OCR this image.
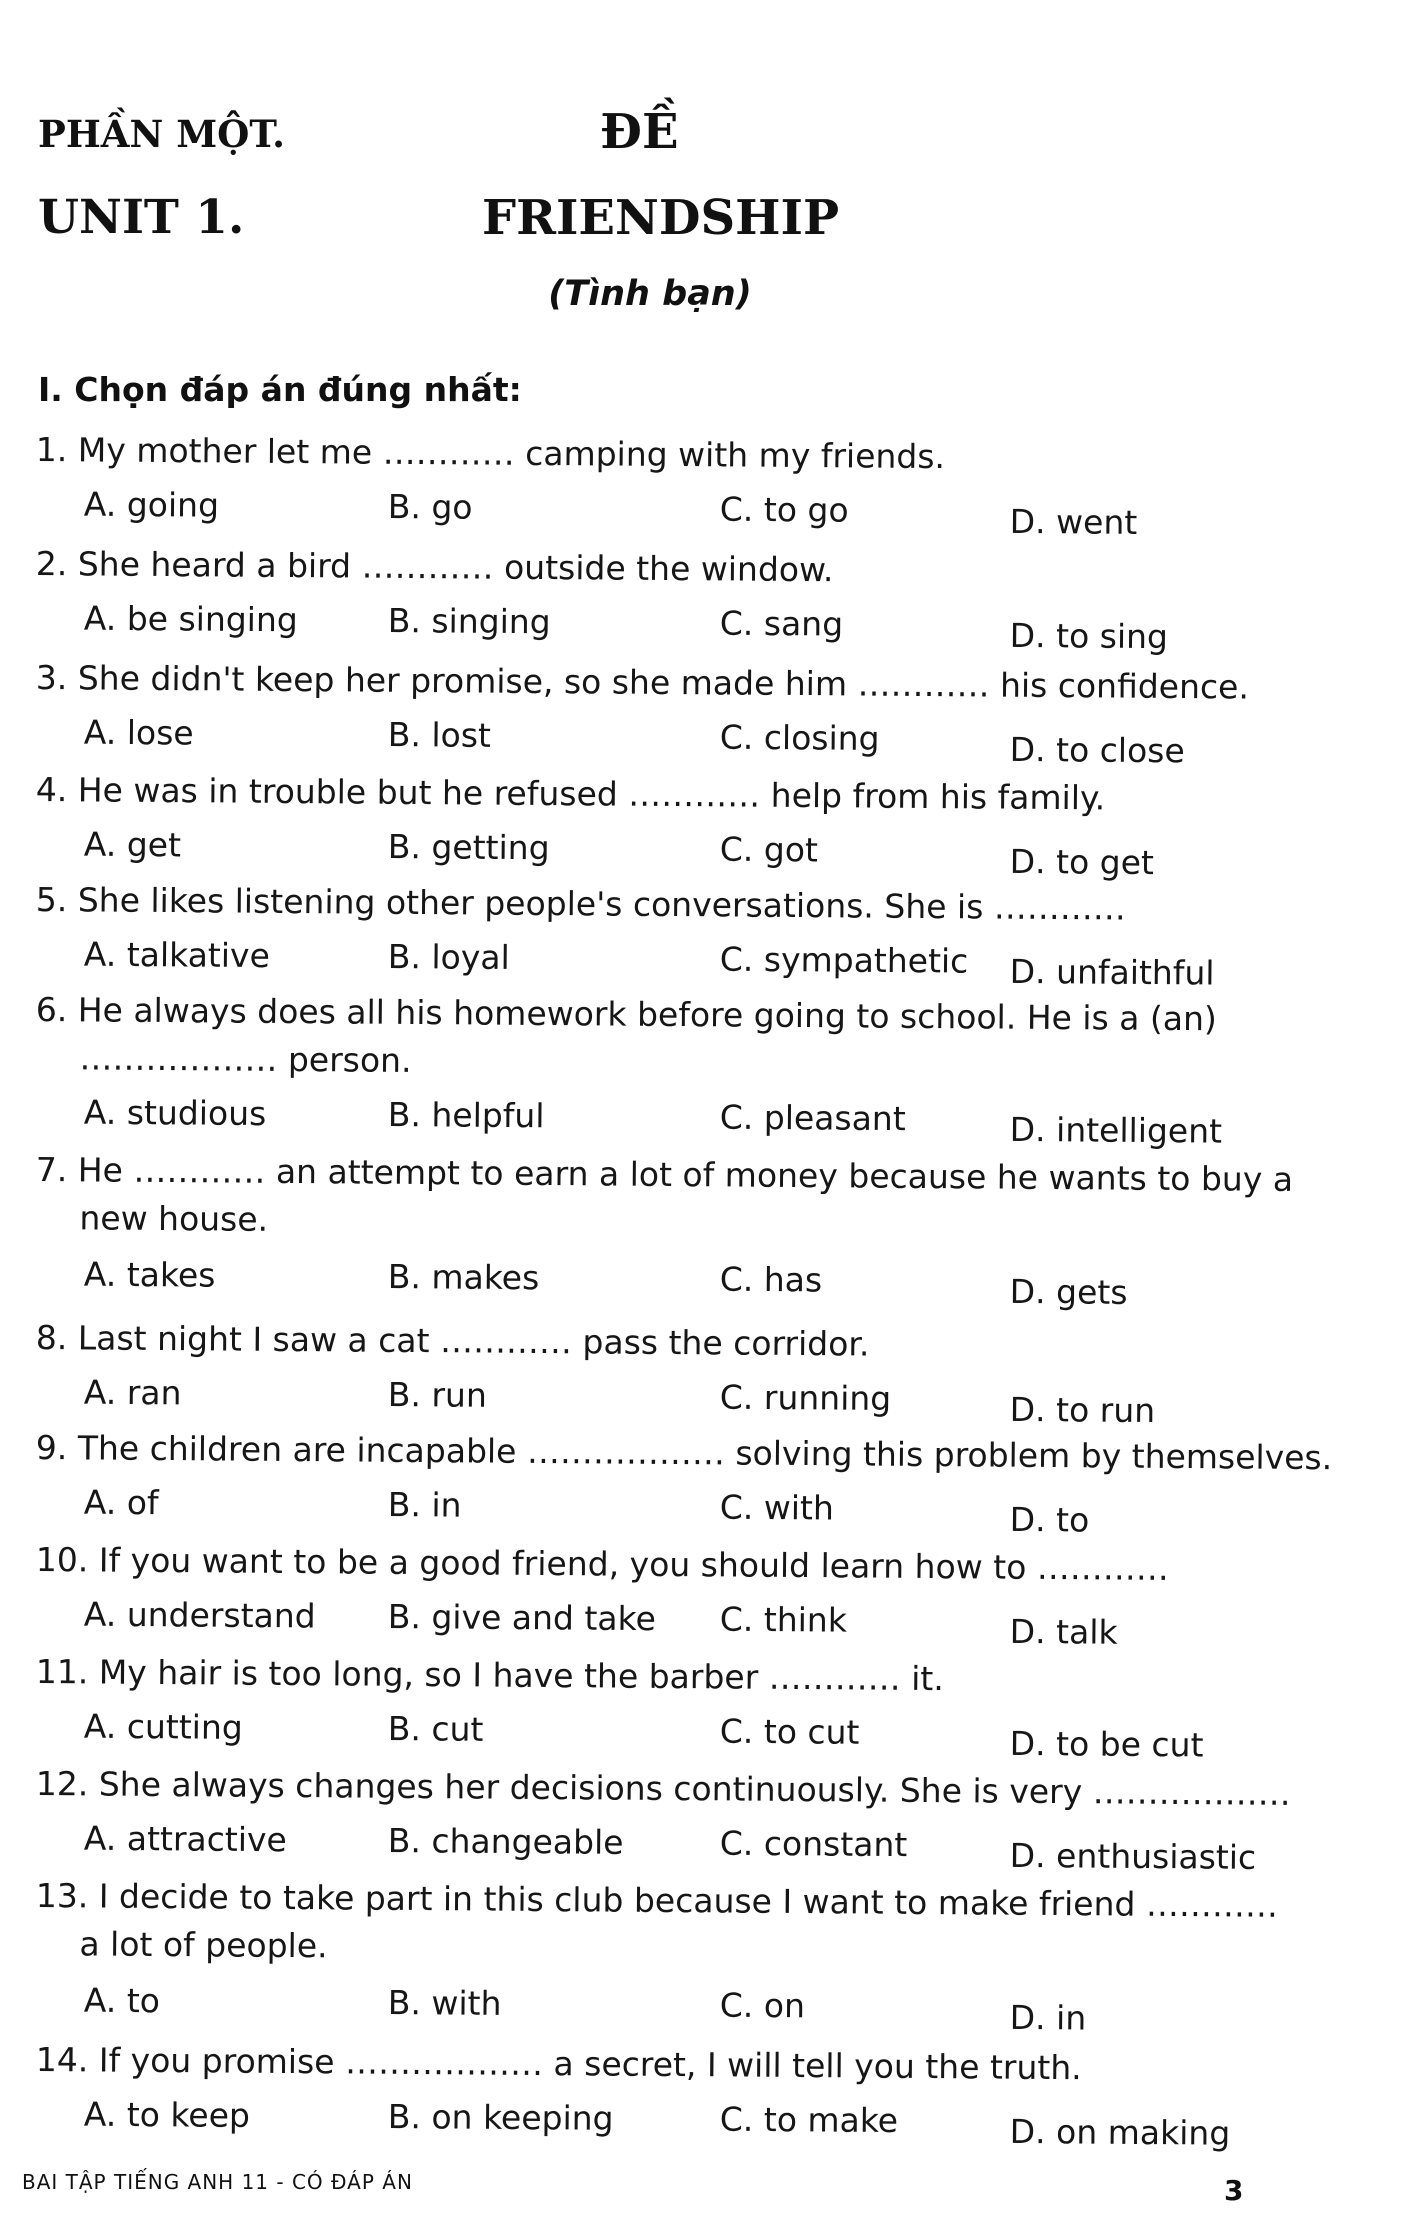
PHẦN MỘT.	ĐỀ
UNIT 1.	FRIENDSHIP
(Tình bạn)
I. Chọn đáp án đúng nhất:
1. My mother let me ………… camping with my friends.
A. going	B. go	C. to go	D. went
2. She heard a bird ………… outside the window.
A. be singing	B. singing	C. sang	D. to sing
3. She didn't keep her promise, so she made him ………… his confidence.
A. lose	B. lost	C. closing	D. to close
4. He was in trouble but he refused ………… help from his family.
A. get	B. getting	C. got	D. to get
5. She likes listening other people's conversations. She is …………
A. talkative	B. loyal	C. sympathetic D. unfaithful
6. He always does all his homework before going to school. He is a (an)
……………… person.
A. studious	B. helpful	C. pleasant	D. intelligent
7. He ………… an attempt to earn a lot of money because he wants to buy a
new house.
A. takes	B. makes	C. has	D. gets
8. Last night I saw a cat ………… pass the corridor.
A. ran	B. run	C. running	D. to run
9. The children are incapable ……………… solving this problem by themselves.
A. of	B. in	C. with	D. to
10. If you want to be a good friend, you should learn how to …………
A. understand B. give and take C. think	D. talk
11. My hair is too long, so I have the barber ………… it.
A. cutting	B. cut	C. to cut	D. to be cut
12. She always changes her decisions continuously. She is very ………………
A. attractive	B. changeable	C. constant	D. enthusiastic
13. I decide to take part in this club because I want to make friend …………
a lot of people.
A. to	B. with	C. on	D. in
14. If you promise ……………… a secret, I will tell you the truth.
A. to keep	B. on keeping	C. to make	D. on making
BAI TẬP TIẾNG ANH 11 - CÓ ĐÁP ÁN	3
